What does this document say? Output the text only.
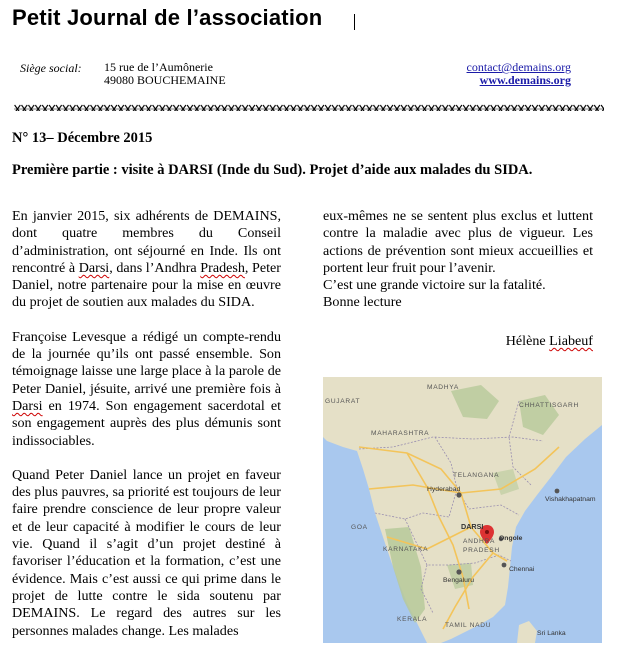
Petit Journal de l’association
Siège social: 15 rue de l’Aumônerie
49080 BOUCHEMAINE
contact@demains.org
www.demains.org
N° 13– Décembre 2015
Première partie : visite à DARSI (Inde du Sud). Projet d’aide aux malades du SIDA.

En janvier 2015, six adhérents de DEMAINS, dont quatre membres du Conseil d’administration, ont séjourné en Inde. Ils ont rencontré à Darsi, dans l’Andhra Pradesh, Peter Daniel, notre partenaire pour la mise en œuvre du projet de soutien aux malades du SIDA.

Françoise Levesque a rédigé un compte-rendu de la journée qu’ils ont passé ensemble. Son témoignage laisse une large place à la parole de Peter Daniel, jésuite, arrivé une première fois à Darsi en 1974. Son engagement sacerdotal et son engagement auprès des plus démunis sont indissociables.

Quand Peter Daniel lance un projet en faveur des plus pauvres, sa priorité est toujours de leur faire prendre conscience de leur propre valeur et de leur capacité à modifier le cours de leur vie. Quand il s’agit d’un projet destiné à favoriser l’éducation et la formation, c’est une évidence. Mais c’est aussi ce qui prime dans le projet de lutte contre le sida soutenu par DEMAINS. Le regard des autres sur les personnes malades change. Les malades

eux-mêmes ne se sentent plus exclus et luttent contre la maladie avec plus de vigueur. Les actions de prévention sont mieux accueillies et portent leur fruit pour l’avenir.

C’est une grande victoire sur la fatalité.
Bonne lecture
Hélène Liabeuf
MADHYA
GUJARAT
CHHATTISGARH
MAHARASHTRA
TELANGANA
GOA
KARNATAKA
ANDHRA
PRADESH
KERALA
TAMIL NADU
Hyderabad
Vishakhapatnam
Ongole
Chennai
Bengaluru
Sri Lanka
DARSI
